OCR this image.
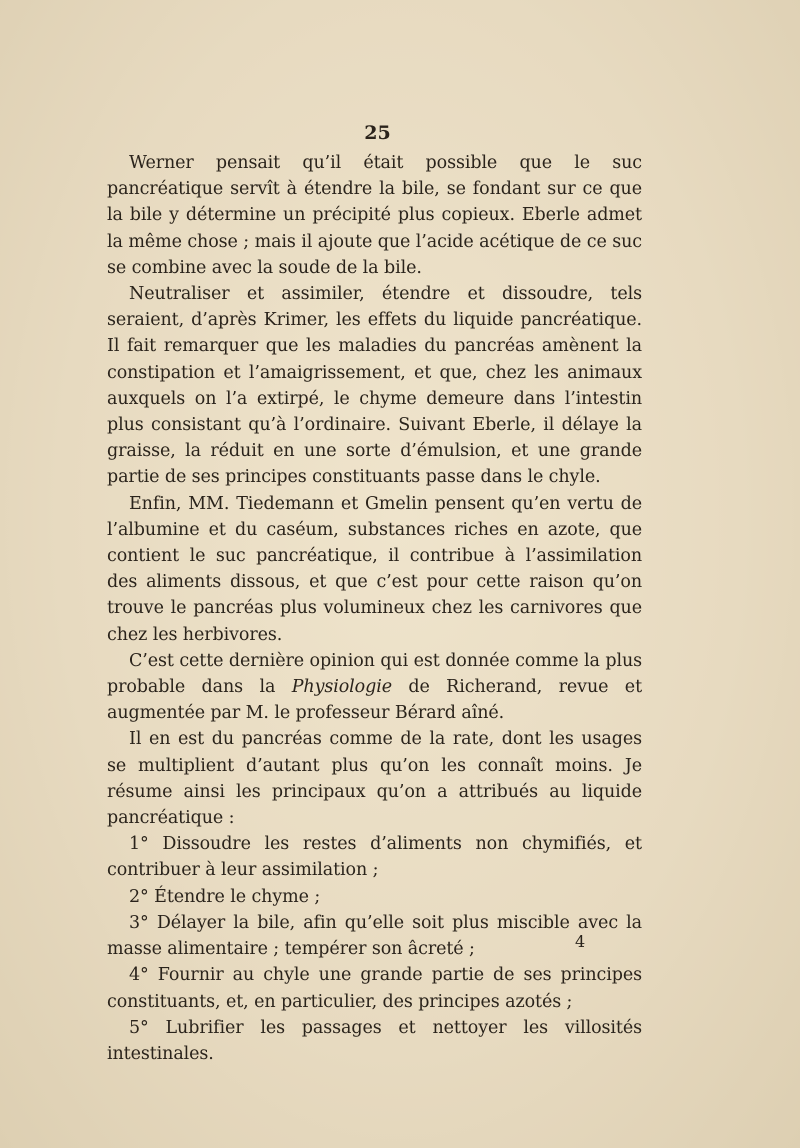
25

Werner pensait qu’il était possible que le suc pancréatique servît à étendre la bile, se fondant sur ce que la bile y détermine un précipité plus copieux. Eberle admet la même chose ; mais il ajoute que l’acide acétique de ce suc se combine avec la soude de la bile.

Neutraliser et assimiler, étendre et dissoudre, tels seraient, d’après Krimer, les effets du liquide pancréatique. Il fait remarquer que les maladies du pancréas amènent la constipation et l’amaigrissement, et que, chez les animaux auxquels on l’a extirpé, le chyme demeure dans l’intestin plus consistant qu’à l’ordinaire. Suivant Eberle, il délaye la graisse, la réduit en une sorte d’émulsion, et une grande partie de ses principes constituants passe dans le chyle.

Enfin, MM. Tiedemann et Gmelin pensent qu’en vertu de l’albumine et du caséum, substances riches en azote, que contient le suc pancréatique, il contribue à l’assimilation des aliments dissous, et que c’est pour cette raison qu’on trouve le pancréas plus volumineux chez les carnivores que chez les herbivores.

C’est cette dernière opinion qui est donnée comme la plus probable dans la Physiologie de Richerand, revue et augmentée par M. le professeur Bérard aîné.

Il en est du pancréas comme de la rate, dont les usages se multiplient d’autant plus qu’on les connaît moins. Je résume ainsi les principaux qu’on a attribués au liquide pancréatique :

1° Dissoudre les restes d’aliments non chymifiés, et contribuer à leur assimilation ;

2° Étendre le chyme ;

3° Délayer la bile, afin qu’elle soit plus miscible avec la masse alimentaire ; tempérer son âcreté ;

4° Fournir au chyle une grande partie de ses principes constituants, et, en particulier, des principes azotés ;

5° Lubrifier les passages et nettoyer les villosités intestinales.

4
